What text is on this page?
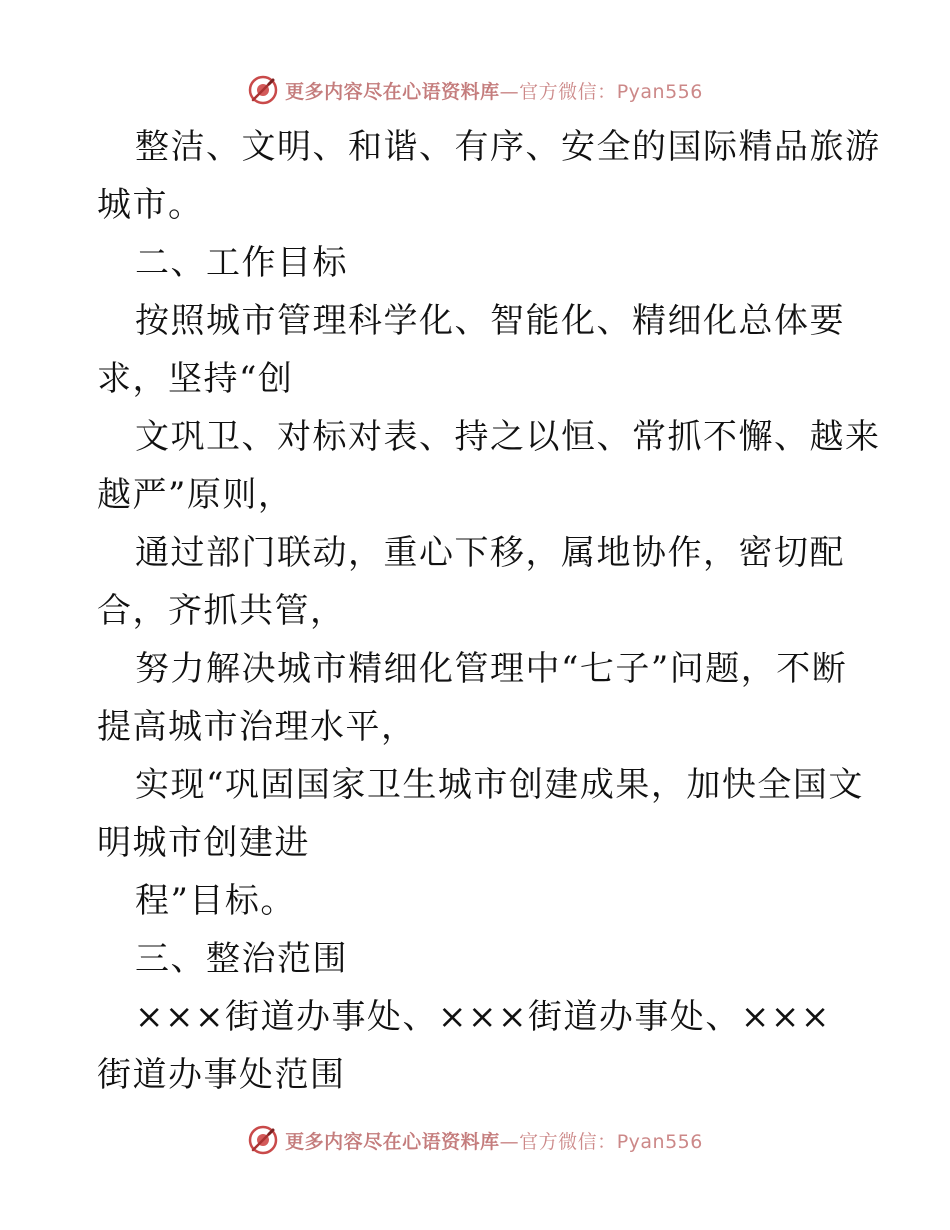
更多内容尽在心语资料库—官方微信：Pyan556
整洁、文明、和谐、有序、安全的国际精品旅游
城市。
二、工作目标
按照城市管理科学化、智能化、精细化总体要
求，坚持“创
文巩卫、对标对表、持之以恒、常抓不懈、越来
越严”原则，
通过部门联动，重心下移，属地协作，密切配
合，齐抓共管，
努力解决城市精细化管理中“七子”问题，不断
提高城市治理水平，
实现“巩固国家卫生城市创建成果，加快全国文
明城市创建进
程”目标。
三、整治范围
×××街道办事处、×××街道办事处、×××
街道办事处范围
更多内容尽在心语资料库—官方微信：Pyan556
